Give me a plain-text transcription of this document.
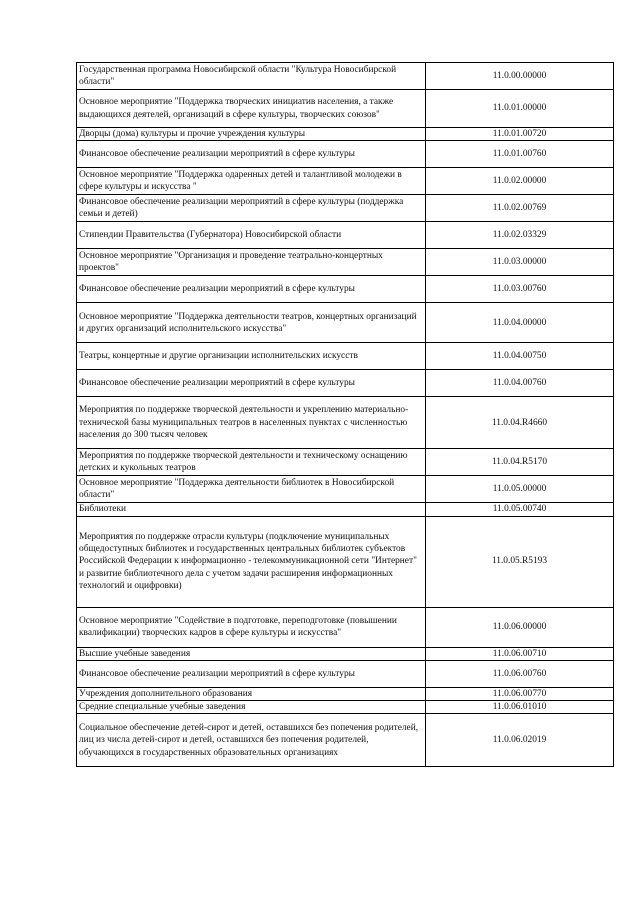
Государственная программа Новосибирской области "Культура Новосибирской области"	11.0.00.00000
Основное мероприятие "Поддержка творческих инициатив населения, а также выдающихся деятелей, организаций в сфере культуры, творческих союзов"	11.0.01.00000
Дворцы (дома) культуры и прочие учреждения культуры	11.0.01.00720
Финансовое обеспечение реализации мероприятий в сфере культуры	11.0.01.00760
Основное мероприятие "Поддержка одаренных детей и талантливой молодежи в сфере культуры и искусства "	11.0.02.00000
Финансовое обеспечение реализации мероприятий в сфере культуры (поддержка семьи и детей)	11.0.02.00769
Стипендии Правительства (Губернатора) Новосибирской области	11.0.02.03329
Основное мероприятие "Организация и проведение театрально-концертных проектов"	11.0.03.00000
Финансовое обеспечение реализации мероприятий в сфере культуры	11.0.03.00760
Основное мероприятие "Поддержка деятельности театров, концертных организаций и других организаций исполнительского искусства"	11.0.04.00000
Театры, концертные и другие организации исполнительских искусств	11.0.04.00750
Финансовое обеспечение реализации мероприятий в сфере культуры	11.0.04.00760
Мероприятия по поддержке творческой деятельности и укреплению материально-технической базы муниципальных театров в населенных пунктах с численностью населения до 300 тысяч человек	11.0.04.R4660
Мероприятия по поддержке творческой деятельности и техническому оснащению детских и кукольных театров	11.0.04.R5170
Основное мероприятие "Поддержка деятельности библиотек в Новосибирской области"	11.0.05.00000
Библиотеки	11.0.05.00740
Мероприятия по поддержке отрасли культуры (подключение муниципальных общедоступных библиотек и государственных центральных библиотек субъектов Российской Федерации к информационно - телекоммуникационной сети "Интернет" и развитие библиотечного дела с учетом задачи расширения информационных технологий и оцифровки)	11.0.05.R5193
Основное мероприятие "Содействие в подготовке, переподготовке (повышении квалификации) творческих кадров в сфере культуры и искусства"	11.0.06.00000
Высшие учебные заведения	11.0.06.00710
Финансовое обеспечение реализации мероприятий в сфере культуры	11.0.06.00760
Учреждения дополнительного образования	11.0.06.00770
Средние специальные учебные заведения	11.0.06.01010
Социальное обеспечение детей-сирот и детей, оставшихся без попечения родителей, лиц из числа детей-сирот и детей, оставшихся без попечения родителей, обучающихся в государственных образовательных организациях	11.0.06.02019
